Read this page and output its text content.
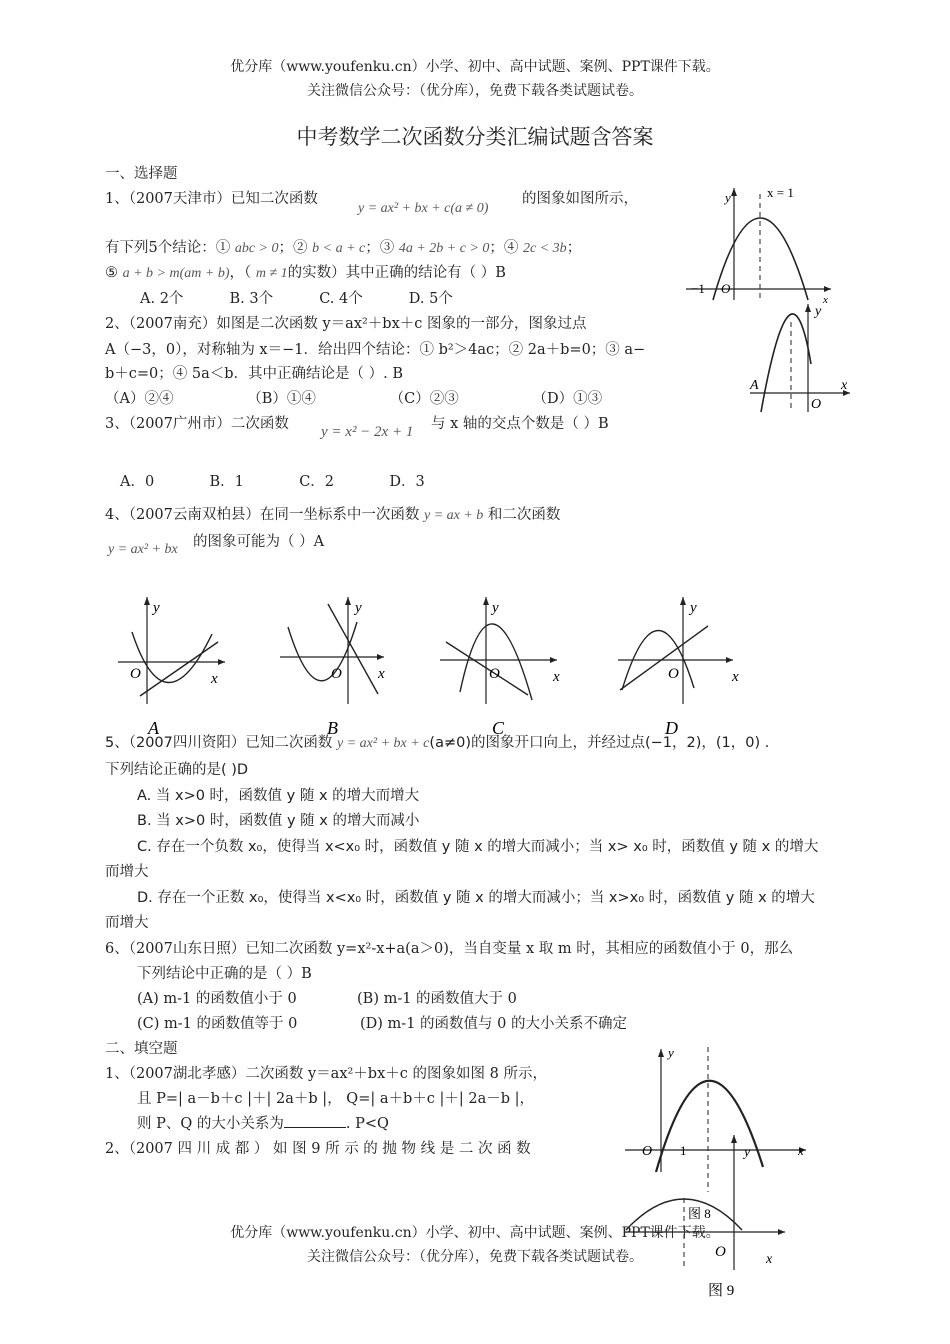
优分库（www.youfenku.cn）小学、初中、高中试题、案例、PPT课件下载。
关注微信公众号：（优分库），免费下载各类试题试卷。
中考数学二次函数分类汇编试题含答案
一、选择题
1、（2007天津市）已知二次函数
y = ax² + bx + c(a ≠ 0)
的图象如图所示，
有下列5个结论：① abc > 0；② b < a + c；③ 4a + 2b + c > 0；④ 2c < 3b；
⑤ a + b > m(am + b)，（ m ≠ 1的实数）其中正确的结论有（ ）B
A. 2个          B. 3个          C. 4个          D. 5个
y	x = 1
x
−1 O
2、（2007南充）如图是二次函数 y＝ax²＋bx＋c 图象的一部分，图象过点
A（−3，0），对称轴为 x＝−1．给出四个结论：① b²＞4ac；② 2a＋b=0；③ a−
b＋c=0；④ 5a＜b．其中正确结论是（ ）. B
（A）②④                （B）①④                （C）②③                （D）①③
y
x
A
O
3、（2007广州市）二次函数 y = x² − 2x + 1 与 x 轴的交点个数是（ ）B
A．0            B．1            C．2            D．3
4、（2007云南双柏县）在同一坐标系中一次函数 y = ax + b 和二次函数
y = ax² + bx 的图象可能为（ ）A
y
x
O
A
y
x
O
B
y
x
O
C
y
x
O
D
5、（2007四川资阳）已知二次函数 y = ax² + bx + c(a≠0)的图象开口向上，并经过点(−1，2)，(1，0) .
下列结论正确的是( )D
A. 当 x>0 时，函数值 y 随 x 的增大而增大
B. 当 x>0 时，函数值 y 随 x 的增大而减小
C. 存在一个负数 x₀，使得当 x<x₀ 时，函数值 y 随 x 的增大而减小；当 x> x₀ 时，函数值 y 随 x 的增大
而增大
D. 存在一个正数 x₀，使得当 x<x₀ 时，函数值 y 随 x 的增大而减小；当 x>x₀ 时，函数值 y 随 x 的增大
而增大
6、（2007山东日照）已知二次函数 y=x²-x+a(a＞0)，当自变量 x 取 m 时，其相应的函数值小于 0，那么
下列结论中正确的是（ ）B
(A) m-1 的函数值小于 0	(B) m-1 的函数值大于 0
(C) m-1 的函数值等于 0	(D) m-1 的函数值与 0 的大小关系不确定
二、填空题
1、（2007湖北孝感）二次函数 y＝ax²＋bx＋c 的图象如图 8 所示，
且 P=| a－b＋c |＋| 2a＋b |， Q=| a＋b＋c |＋| 2a－b |，
则 P、Q 的大小关系为	. P<Q
2、（2007 四 川 成 都 ） 如 图 9 所 示 的 抛 物 线 是 二 次 函 数
y
x
O 1
图 8
优分库（www.youfenku.cn）小学、初中、高中试题、案例、PPT课件下载。
关注微信公众号：（优分库），免费下载各类试题试卷。
y
x
O
图 9
